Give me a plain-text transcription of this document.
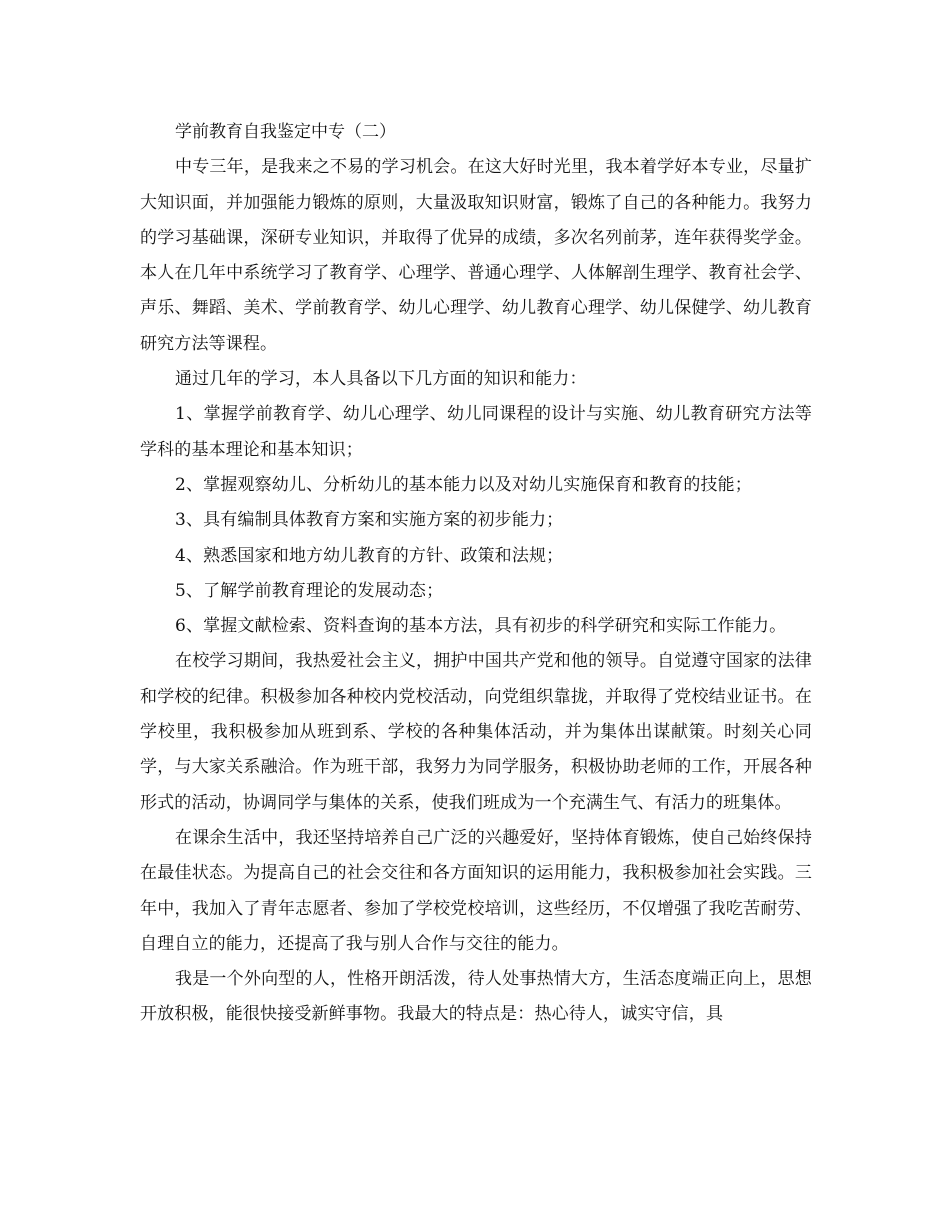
学前教育自我鉴定中专（二）

中专三年，是我来之不易的学习机会。在这大好时光里，我本着学好本专业，尽量扩大知识面，并加强能力锻炼的原则，大量汲取知识财富，锻炼了自己的各种能力。我努力的学习基础课，深研专业知识，并取得了优异的成绩，多次名列前茅，连年获得奖学金。本人在几年中系统学习了教育学、心理学、普通心理学、人体解剖生理学、教育社会学、声乐、舞蹈、美术、学前教育学、幼儿心理学、幼儿教育心理学、幼儿保健学、幼儿教育研究方法等课程。

通过几年的学习，本人具备以下几方面的知识和能力：

1、掌握学前教育学、幼儿心理学、幼儿同课程的设计与实施、幼儿教育研究方法等学科的基本理论和基本知识；

2、掌握观察幼儿、分析幼儿的基本能力以及对幼儿实施保育和教育的技能；

3、具有编制具体教育方案和实施方案的初步能力；

4、熟悉国家和地方幼儿教育的方针、政策和法规；

5、了解学前教育理论的发展动态；

6、掌握文献检索、资料查询的基本方法，具有初步的科学研究和实际工作能力。

在校学习期间，我热爱社会主义，拥护中国共产党和他的领导。自觉遵守国家的法律和学校的纪律。积极参加各种校内党校活动，向党组织靠拢，并取得了党校结业证书。在学校里，我积极参加从班到系、学校的各种集体活动，并为集体出谋献策。时刻关心同学，与大家关系融洽。作为班干部，我努力为同学服务，积极协助老师的工作，开展各种形式的活动，协调同学与集体的关系，使我们班成为一个充满生气、有活力的班集体。

在课余生活中，我还坚持培养自己广泛的兴趣爱好，坚持体育锻炼，使自己始终保持在最佳状态。为提高自己的社会交往和各方面知识的运用能力，我积极参加社会实践。三年中，我加入了青年志愿者、参加了学校党校培训，这些经历，不仅增强了我吃苦耐劳、自理自立的能力，还提高了我与别人合作与交往的能力。

我是一个外向型的人，性格开朗活泼，待人处事热情大方，生活态度端正向上，思想开放积极，能很快接受新鲜事物。我最大的特点是：热心待人，诚实守信，具
